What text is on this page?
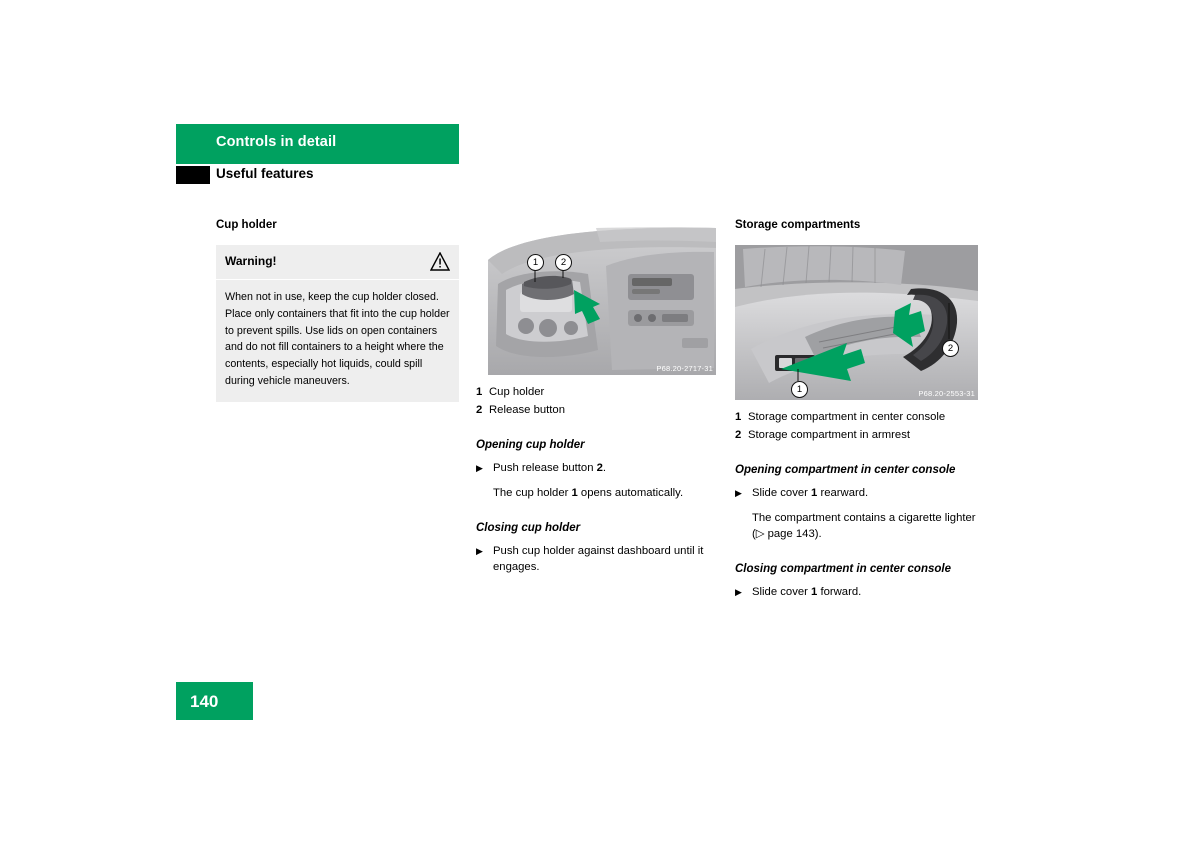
Controls in detail
Useful features
Cup holder
Warning!
When not in use, keep the cup holder closed. Place only containers that fit into the cup holder to prevent spills. Use lids on open containers and do not fill containers to a height where the contents, especially hot liquids, could spill during vehicle maneuvers.
1	2
P68.20-2717-31
1 Cup holder
2 Release button
Opening cup holder
▶ Push release button 2.
The cup holder 1 opens automatically.
Closing cup holder
▶ Push cup holder against dashboard until it engages.
Storage compartments
1
2
P68.20-2553-31
1 Storage compartment in center console
2 Storage compartment in armrest
Opening compartment in center console
▶ Slide cover 1 rearward.
The compartment contains a cigarette lighter (▷ page 143).
Closing compartment in center console
▶ Slide cover 1 forward.
140
